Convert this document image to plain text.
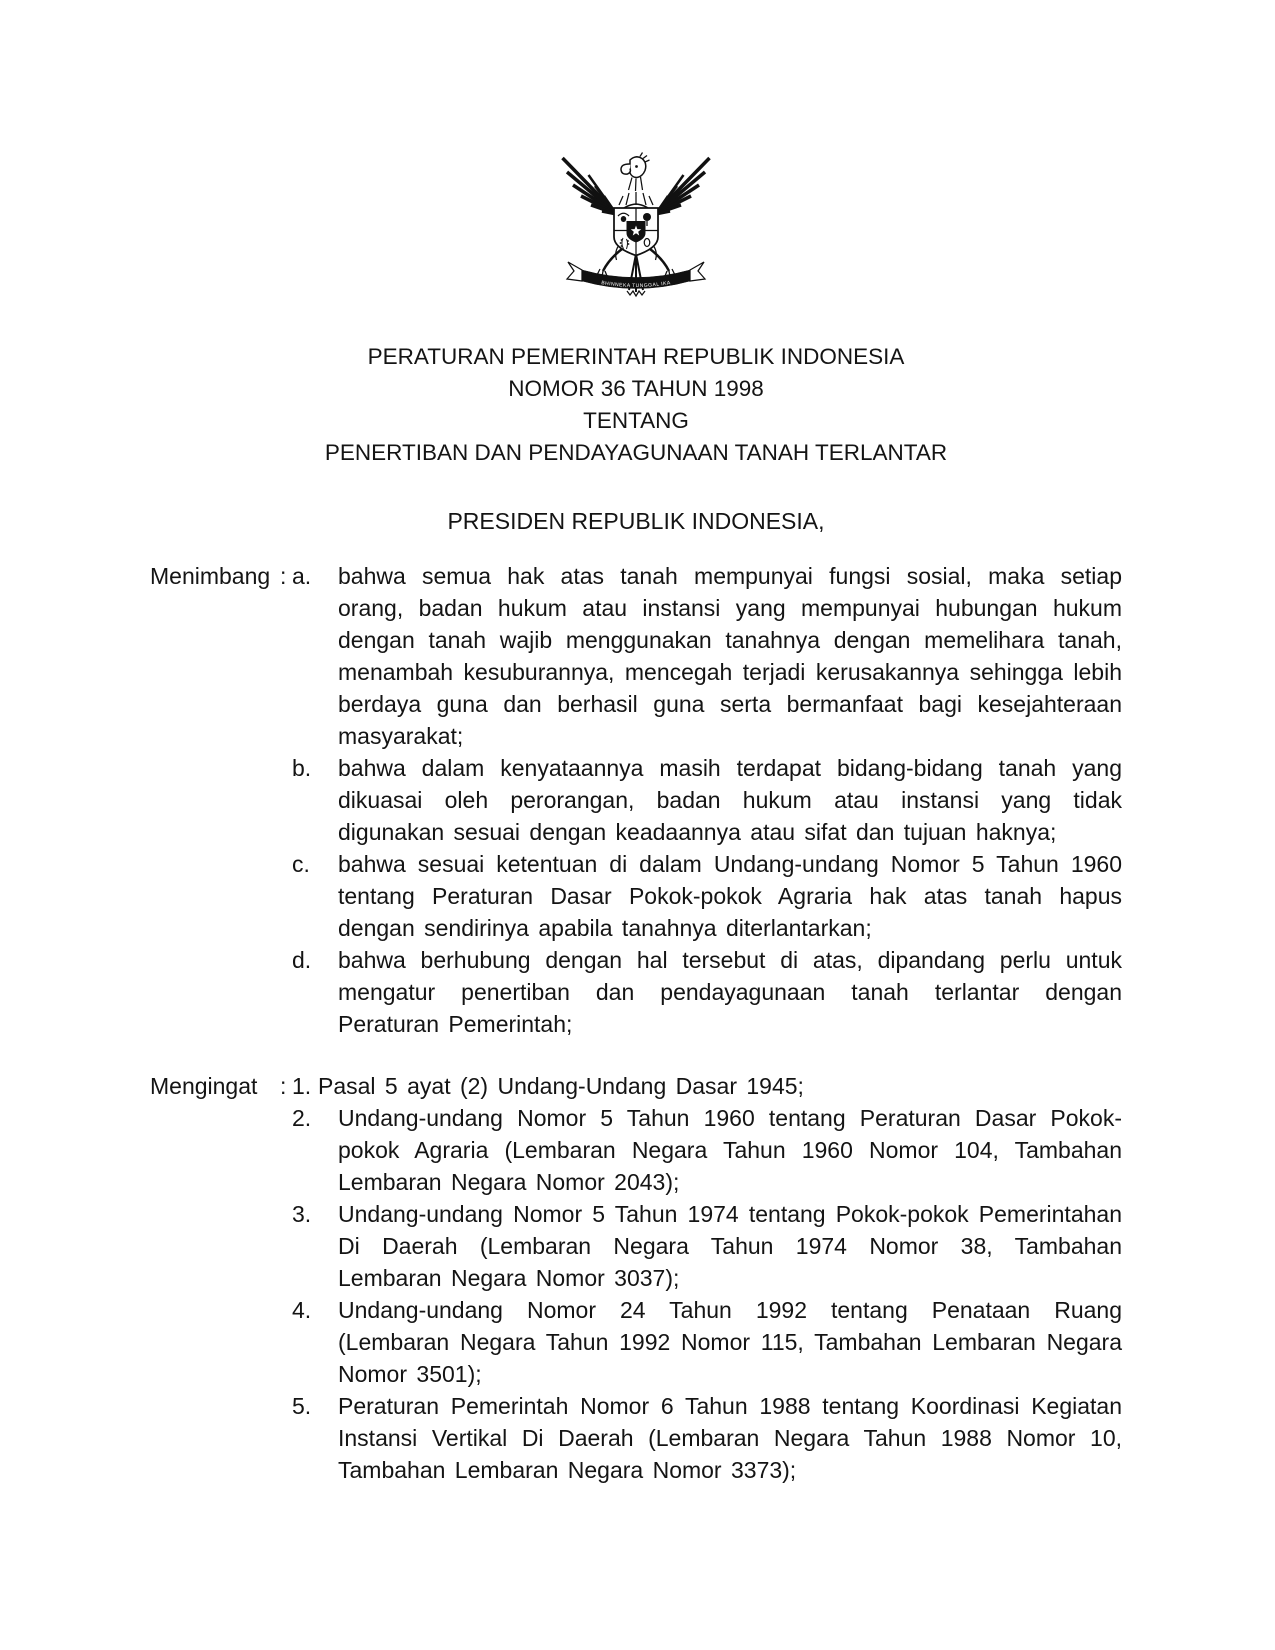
BHINNEKA TUNGGAL IKA
PERATURAN PEMERINTAH REPUBLIK INDONESIA
NOMOR 36 TAHUN 1998
TENTANG
PENERTIBAN DAN PENDAYAGUNAAN TANAH TERLANTAR
PRESIDEN REPUBLIK INDONESIA,
Menimbang : a.	bahwa semua hak atas tanah mempunyai fungsi sosial, maka setiap orang, badan hukum atau instansi yang mempunyai hubungan hukum dengan tanah wajib menggunakan tanahnya dengan memelihara tanah, menambah kesuburannya, mencegah terjadi kerusakannya sehingga lebih berdaya guna dan berhasil guna serta bermanfaat bagi kesejahteraan masyarakat;
b.	bahwa dalam kenyataannya masih terdapat bidang-bidang tanah yang dikuasai oleh perorangan, badan hukum atau instansi yang tidak digunakan sesuai dengan keadaannya atau sifat dan tujuan haknya;
c.	bahwa sesuai ketentuan di dalam Undang-undang Nomor 5 Tahun 1960 tentang Peraturan Dasar Pokok-pokok Agraria hak atas tanah hapus dengan sendirinya apabila tanahnya diterlantarkan;
d.	bahwa berhubung dengan hal tersebut di atas, dipandang perlu untuk mengatur penertiban dan pendayagunaan tanah terlantar dengan Peraturan Pemerintah;
Mengingat : 1. Pasal 5 ayat (2) Undang-Undang Dasar 1945;
2.	Undang-undang Nomor 5 Tahun 1960 tentang Peraturan Dasar Pokok-pokok Agraria (Lembaran Negara Tahun 1960 Nomor 104, Tambahan Lembaran Negara Nomor 2043);
3.	Undang-undang Nomor 5 Tahun 1974 tentang Pokok-pokok Pemerintahan Di Daerah (Lembaran Negara Tahun 1974 Nomor 38, Tambahan Lembaran Negara Nomor 3037);
4.	Undang-undang Nomor 24 Tahun 1992 tentang Penataan Ruang (Lembaran Negara Tahun 1992 Nomor 115, Tambahan Lembaran Negara Nomor 3501);
5.	Peraturan Pemerintah Nomor 6 Tahun 1988 tentang Koordinasi Kegiatan Instansi Vertikal Di Daerah (Lembaran Negara Tahun 1988 Nomor 10, Tambahan Lembaran Negara Nomor 3373);
